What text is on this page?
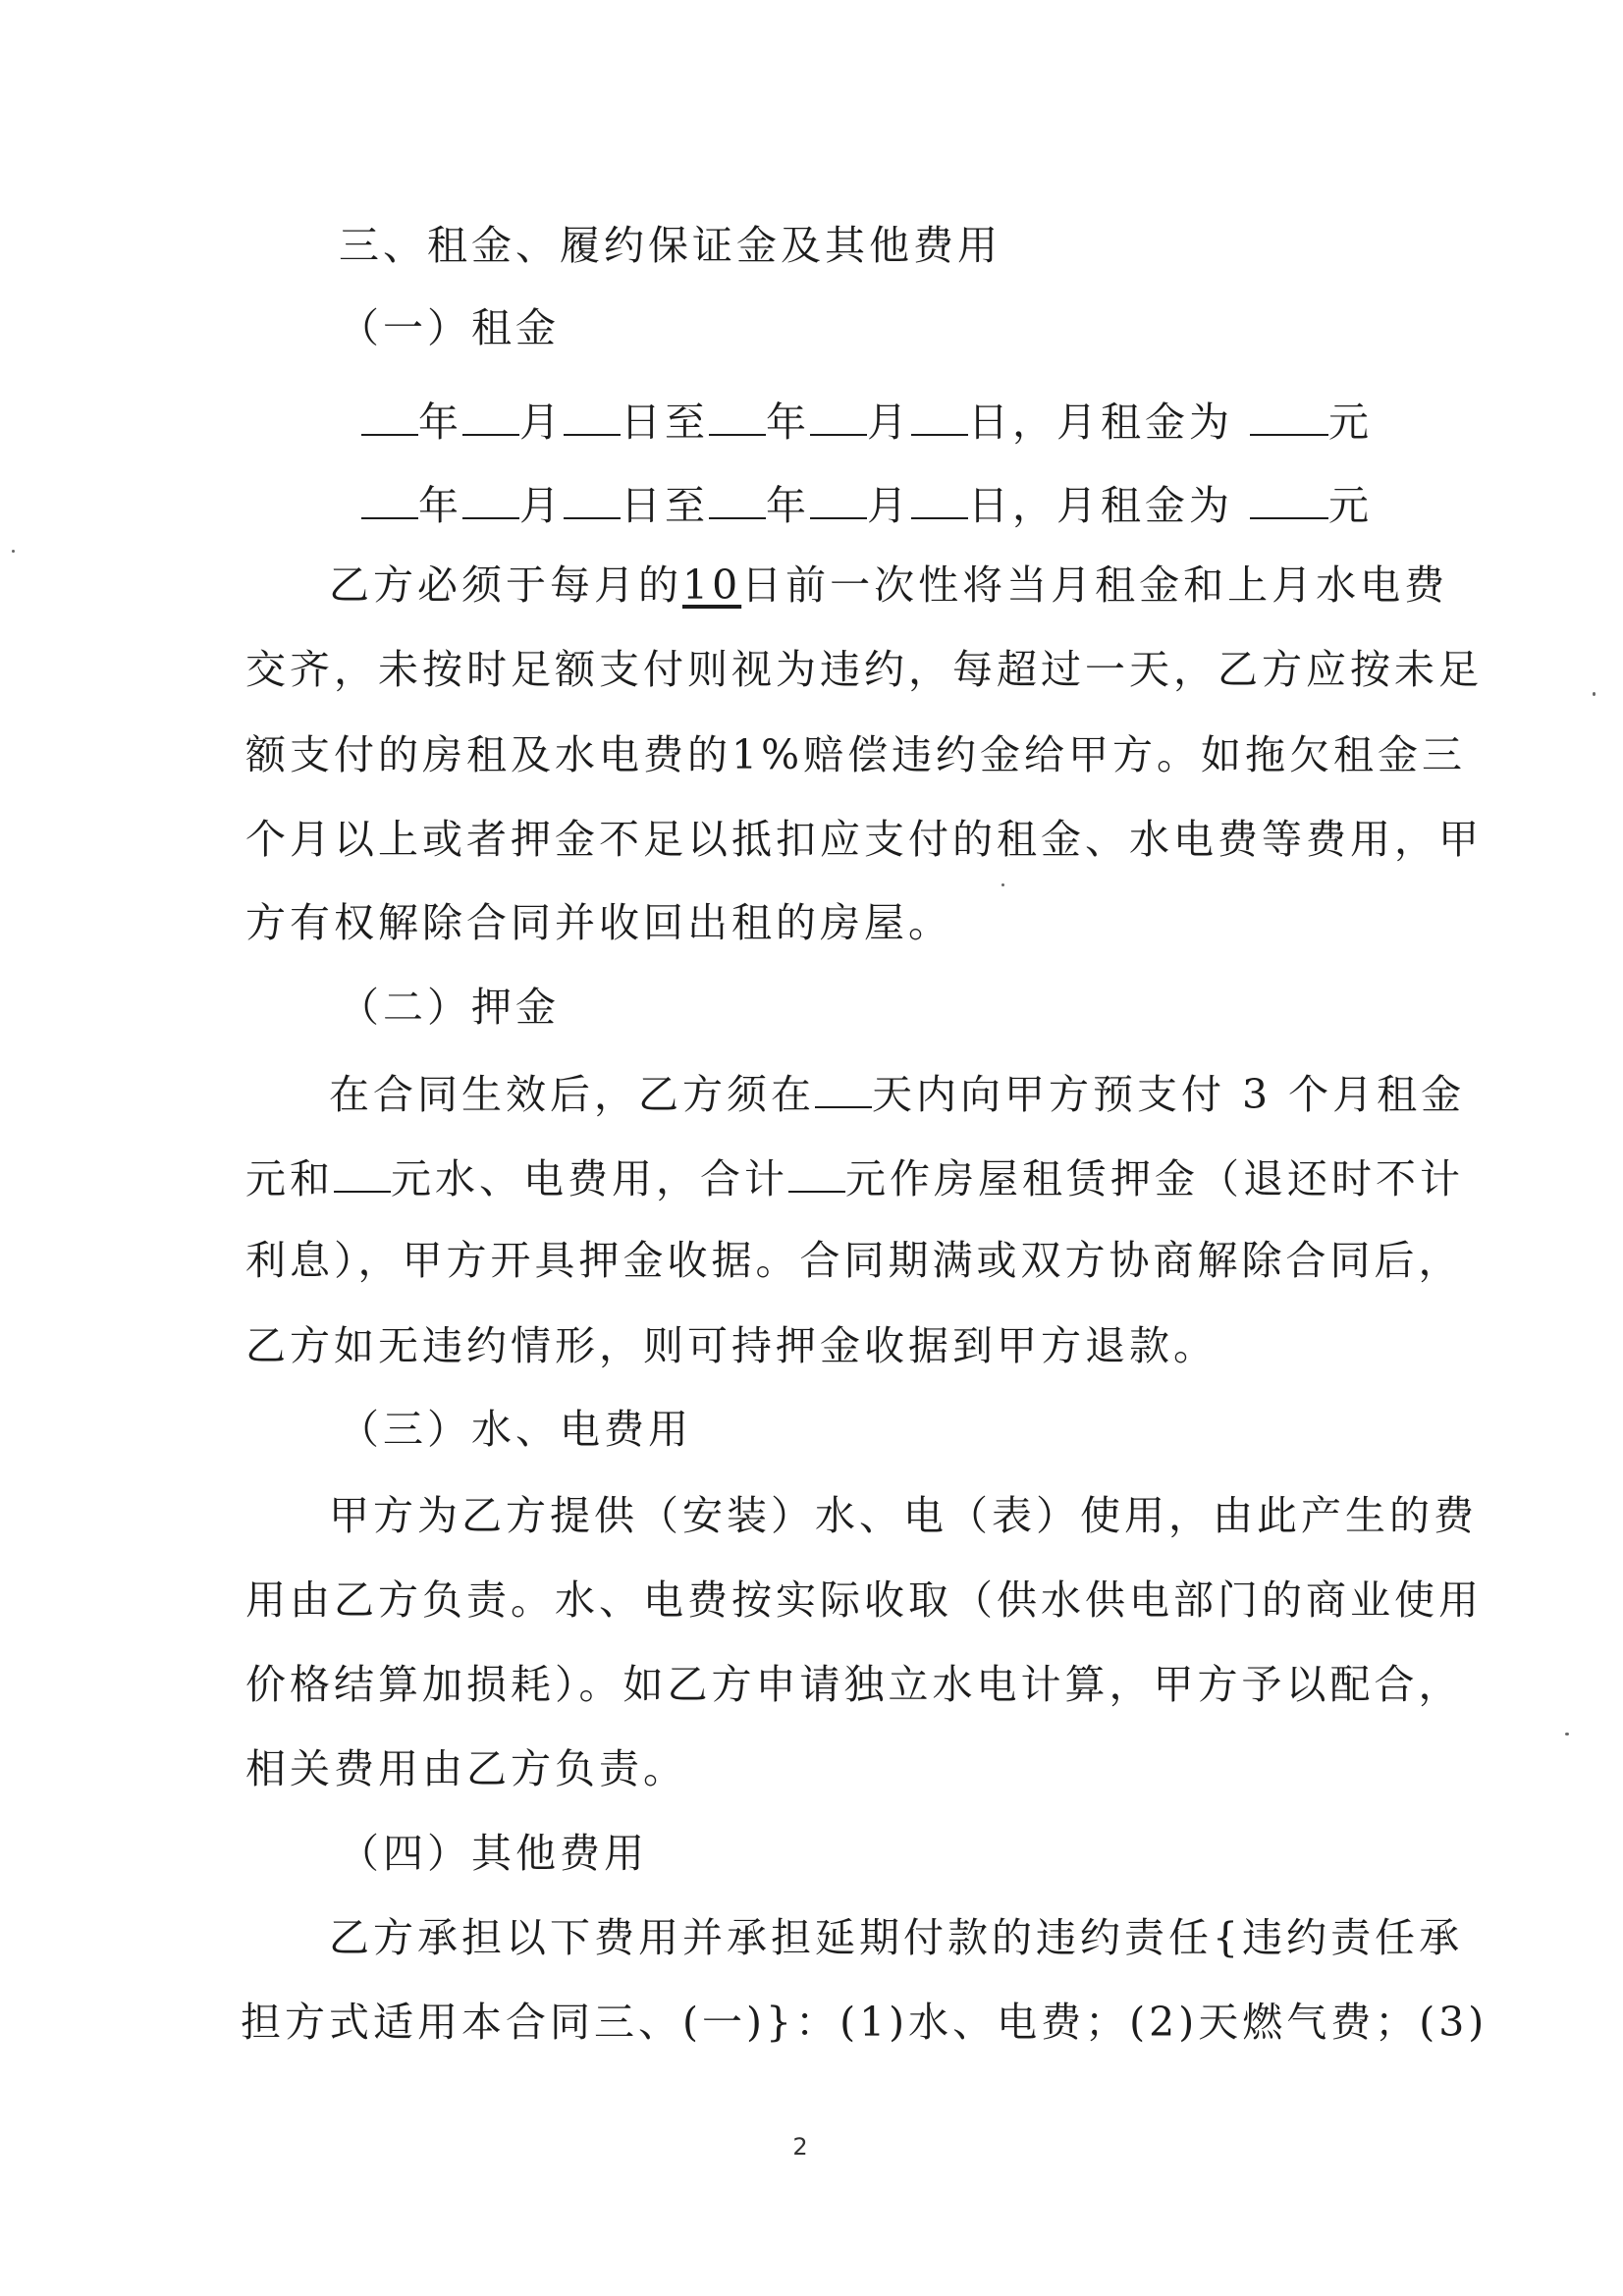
三、租金、履约保证金及其他费用
（一）租金
年 月 日至 年 月 日，月租金为 元
年 月 日至 年 月 日，月租金为 元
乙方必须于每月的10日前一次性将当月租金和上月水电费
交齐，未按时足额支付则视为违约，每超过一天，乙方应按未足
额支付的房租及水电费的1%赔偿违约金给甲方。如拖欠租金三
个月以上或者押金不足以抵扣应支付的租金、水电费等费用，甲
方有权解除合同并收回出租的房屋。
（二）押金
在合同生效后，乙方须在 天内向甲方预支付 3 个月租金
元和 元水、电费用，合计 元作房屋租赁押金（退还时不计
利息），甲方开具押金收据。合同期满或双方协商解除合同后，
乙方如无违约情形，则可持押金收据到甲方退款。
（三）水、电费用
甲方为乙方提供（安装）水、电（表）使用，由此产生的费
用由乙方负责。水、电费按实际收取（供水供电部门的商业使用
价格结算加损耗）。如乙方申请独立水电计算，甲方予以配合，
相关费用由乙方负责。
（四）其他费用
乙方承担以下费用并承担延期付款的违约责任{违约责任承
担方式适用本合同三、(一)}：(1)水、电费；(2)天燃气费；(3)
2
